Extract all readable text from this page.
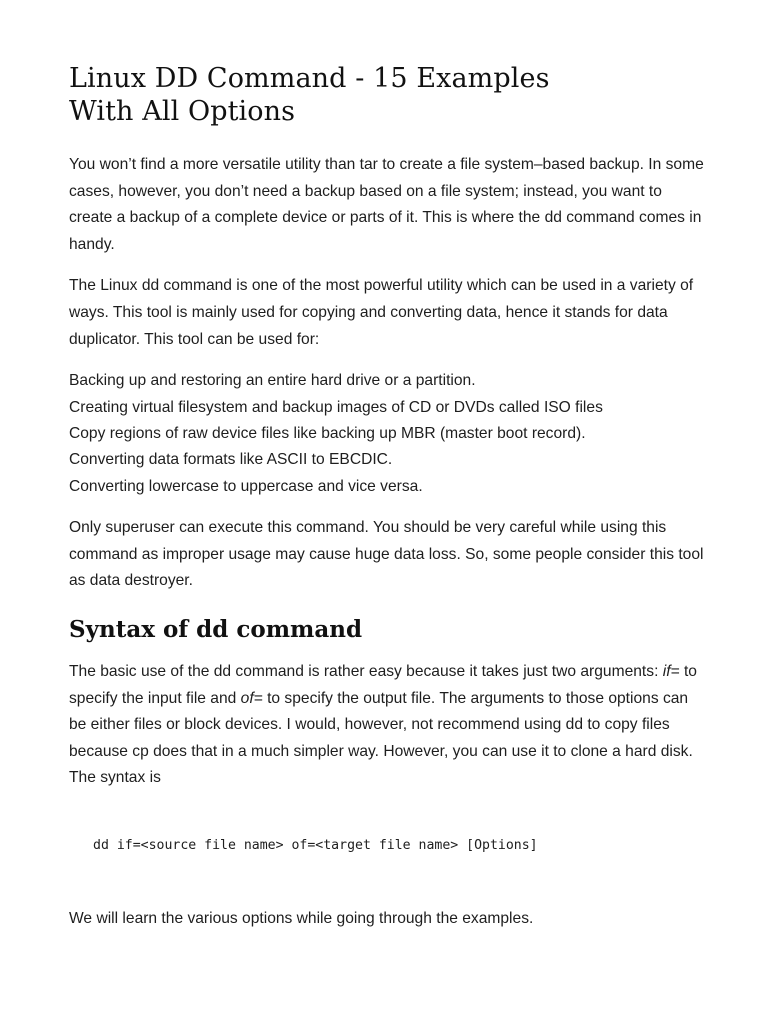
Linux DD Command - 15 Examples
With All Options

You won’t find a more versatile utility than tar to create a file system–based backup. In some cases, however, you don’t need a backup based on a file system; instead, you want to create a backup of a complete device or parts of it. This is where the dd command comes in handy.

The Linux dd command is one of the most powerful utility which can be used in a variety of ways. This tool is mainly used for copying and converting data, hence it stands for data duplicator. This tool can be used for:

Backing up and restoring an entire hard drive or a partition.
Creating virtual filesystem and backup images of CD or DVDs called ISO files
Copy regions of raw device files like backing up MBR (master boot record).
Converting data formats like ASCII to EBCDIC.
Converting lowercase to uppercase and vice versa.

Only superuser can execute this command. You should be very careful while using this command as improper usage may cause huge data loss. So, some people consider this tool as data destroyer.

Syntax of dd command

The basic use of the dd command is rather easy because it takes just two arguments: if= to specify the input file and of= to specify the output file. The arguments to those options can be either files or block devices. I would, however, not recommend using dd to copy files because cp does that in a much simpler way. However, you can use it to clone a hard disk. The syntax is

dd if=<source file name> of=<target file name> [Options]

We will learn the various options while going through the examples.
